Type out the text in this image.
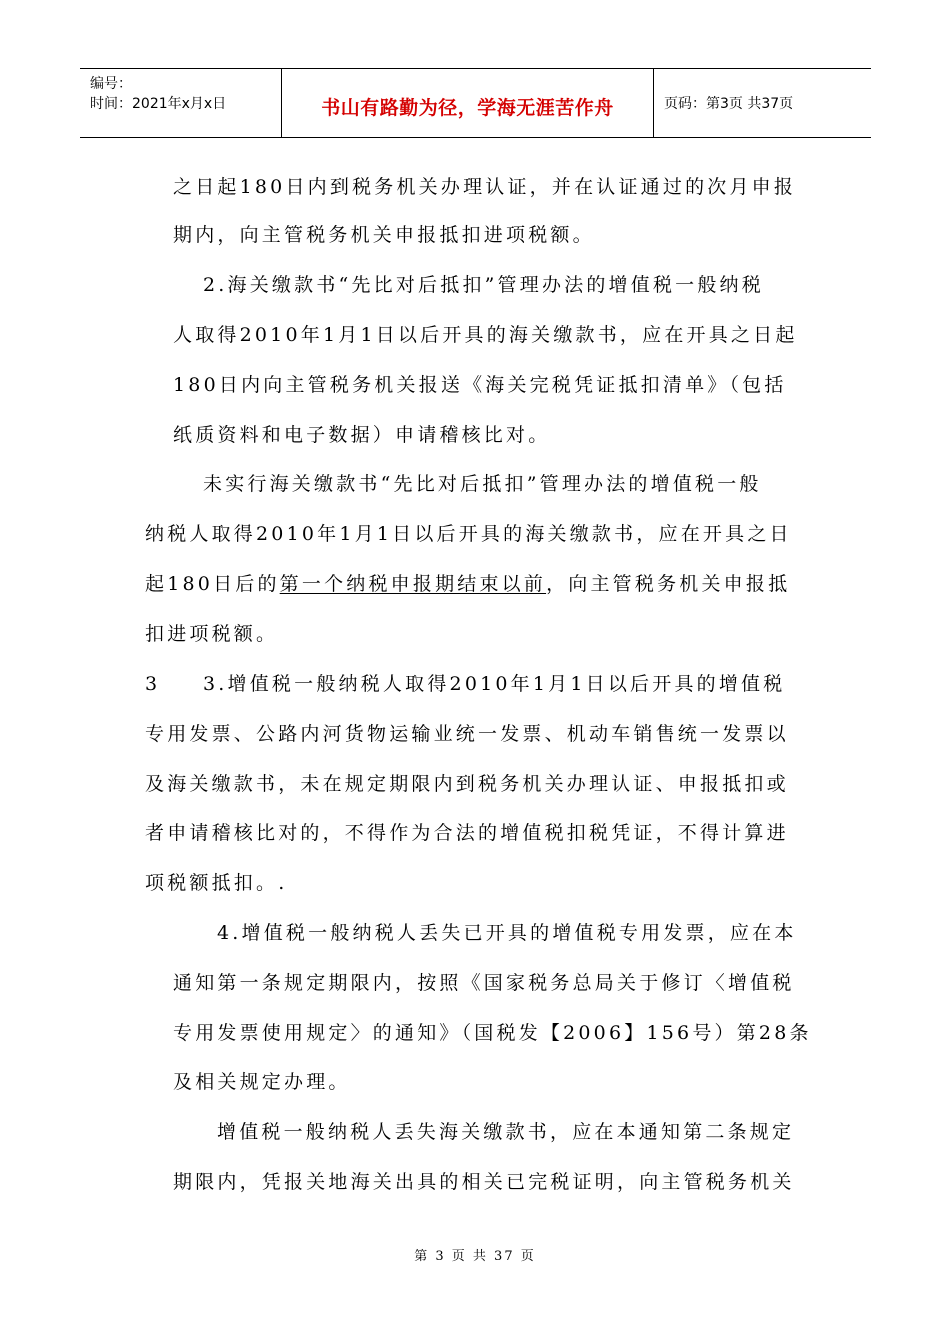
编号：
时间：2021年x月x日	书山有路勤为径，学海无涯苦作舟	页码：第3页 共37页
之日起180日内到税务机关办理认证，并在认证通过的次月申报
期内，向主管税务机关申报抵扣进项税额。
2.海关缴款书“先比对后抵扣”管理办法的增值税一般纳税
人取得2010年1月1日以后开具的海关缴款书，应在开具之日起
180日内向主管税务机关报送《海关完税凭证抵扣清单》（包括
纸质资料和电子数据）申请稽核比对。
未实行海关缴款书“先比对后抵扣”管理办法的增值税一般
纳税人取得2010年1月1日以后开具的海关缴款书，应在开具之日
起180日后的第一个纳税申报期结束以前，向主管税务机关申报抵
扣进项税额。
3.增值税一般纳税人取得2010年1月1日以后开具的增值税
专用发票、公路内河货物运输业统一发票、机动车销售统一发票以
及海关缴款书，未在规定期限内到税务机关办理认证、申报抵扣或
者申请稽核比对的，不得作为合法的增值税扣税凭证，不得计算进
项税额抵扣。.
4.增值税一般纳税人丢失已开具的增值税专用发票，应在本
通知第一条规定期限内，按照《国家税务总局关于修订〈增值税
专用发票使用规定〉的通知》（国税发【2006】156号）第28条
及相关规定办理。
增值税一般纳税人丢失海关缴款书，应在本通知第二条规定
期限内，凭报关地海关出具的相关已完税证明，向主管税务机关
3
第 3 页 共 37 页
